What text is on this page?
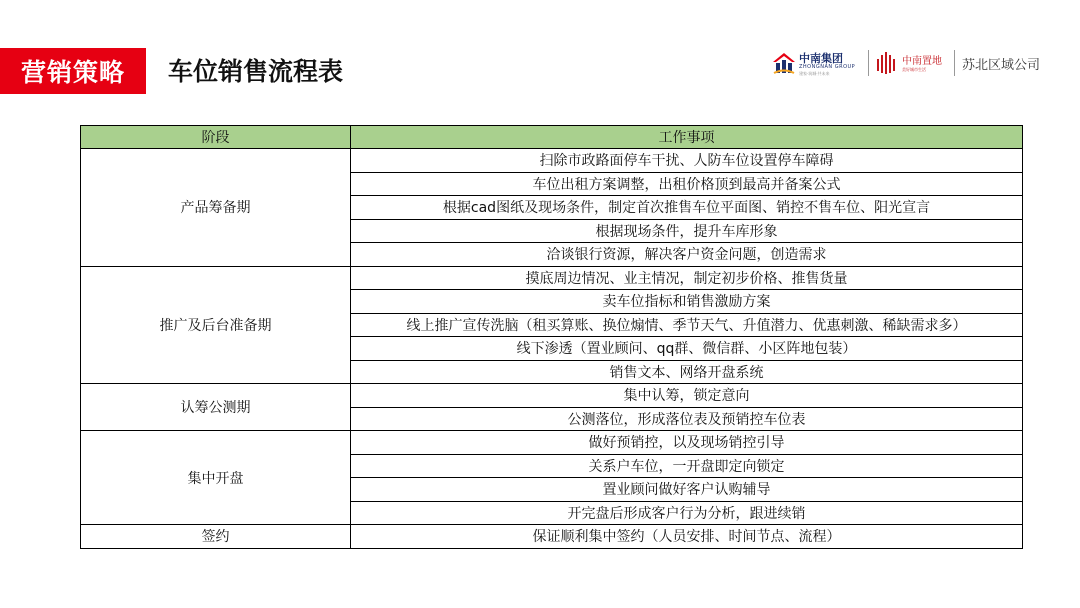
营销策略	车位销售流程表	中南集团
ZHONGNAN GROUP
建家·筑城·共未来
中南置地
美好城市生活	苏北区域公司
阶段	工作事项
产品筹备期	扫除市政路面停车干扰、人防车位设置停车障碍
	车位出租方案调整，出租价格顶到最高并备案公式
	根据cad图纸及现场条件，制定首次推售车位平面图、销控不售车位、阳光宣言
	根据现场条件，提升车库形象
	洽谈银行资源，解决客户资金问题，创造需求
推广及后台准备期	摸底周边情况、业主情况，制定初步价格、推售货量
	卖车位指标和销售激励方案
	线上推广宣传洗脑（租买算账、换位煽情、季节天气、升值潜力、优惠刺激、稀缺需求多）
	线下渗透（置业顾问、qq群、微信群、小区阵地包装）
	销售文本、网络开盘系统
认筹公测期	集中认筹，锁定意向
	公测落位，形成落位表及预销控车位表
集中开盘	做好预销控，以及现场销控引导
	关系户车位，一开盘即定向锁定
	置业顾问做好客户认购辅导
	开完盘后形成客户行为分析，跟进续销
签约	保证顺利集中签约（人员安排、时间节点、流程）
